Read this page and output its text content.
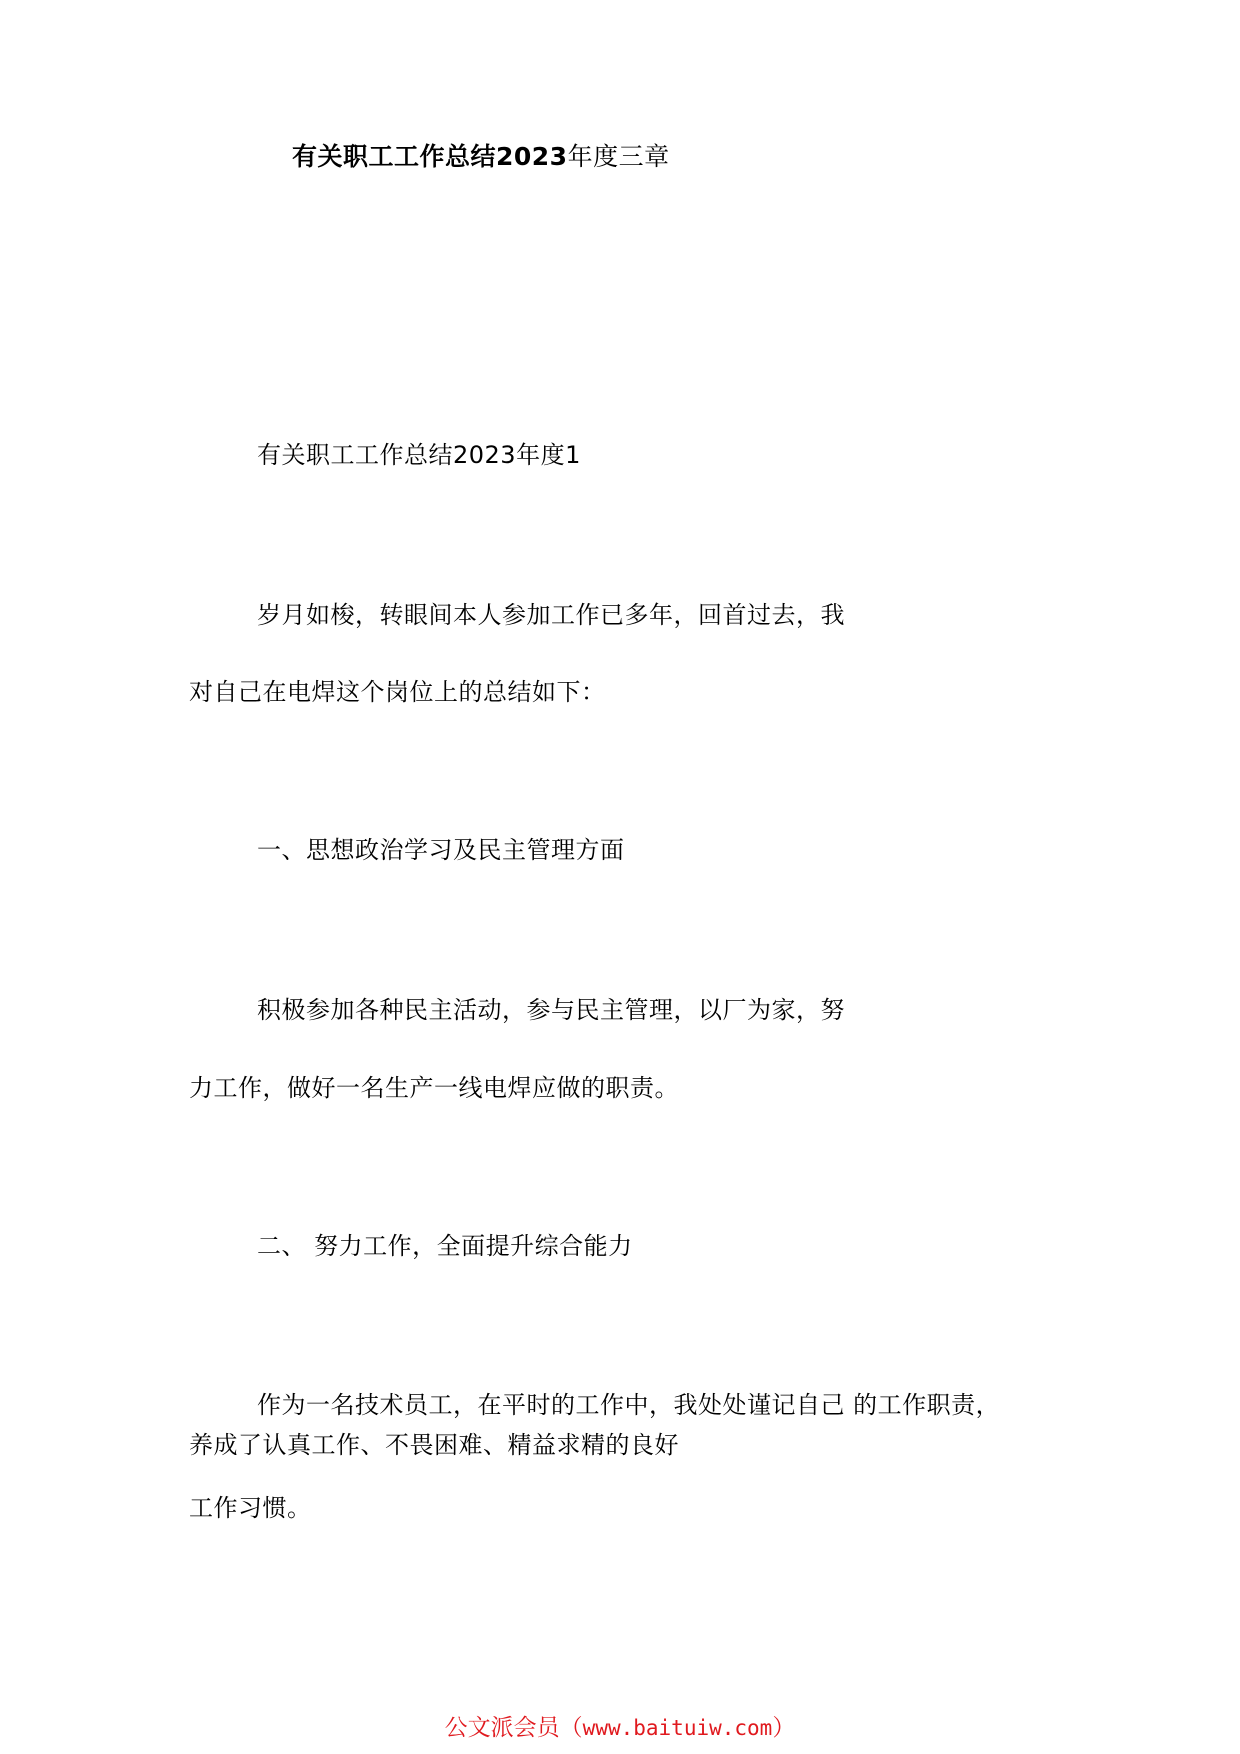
有关职工工作总结2023年度三章
有关职工工作总结2023年度1
岁月如梭，转眼间本人参加工作已多年，回首过去，我
对自己在电焊这个岗位上的总结如下：
一、思想政治学习及民主管理方面
积极参加各种民主活动，参与民主管理，以厂为家，努
力工作，做好一名生产一线电焊应做的职责。
二、 努力工作，全面提升综合能力
作为一名技术员工，在平时的工作中，我处处谨记自己 的工作职责，
养成了认真工作、不畏困难、精益求精的良好
工作习惯。
公文派会员（www.baituiw.com）
